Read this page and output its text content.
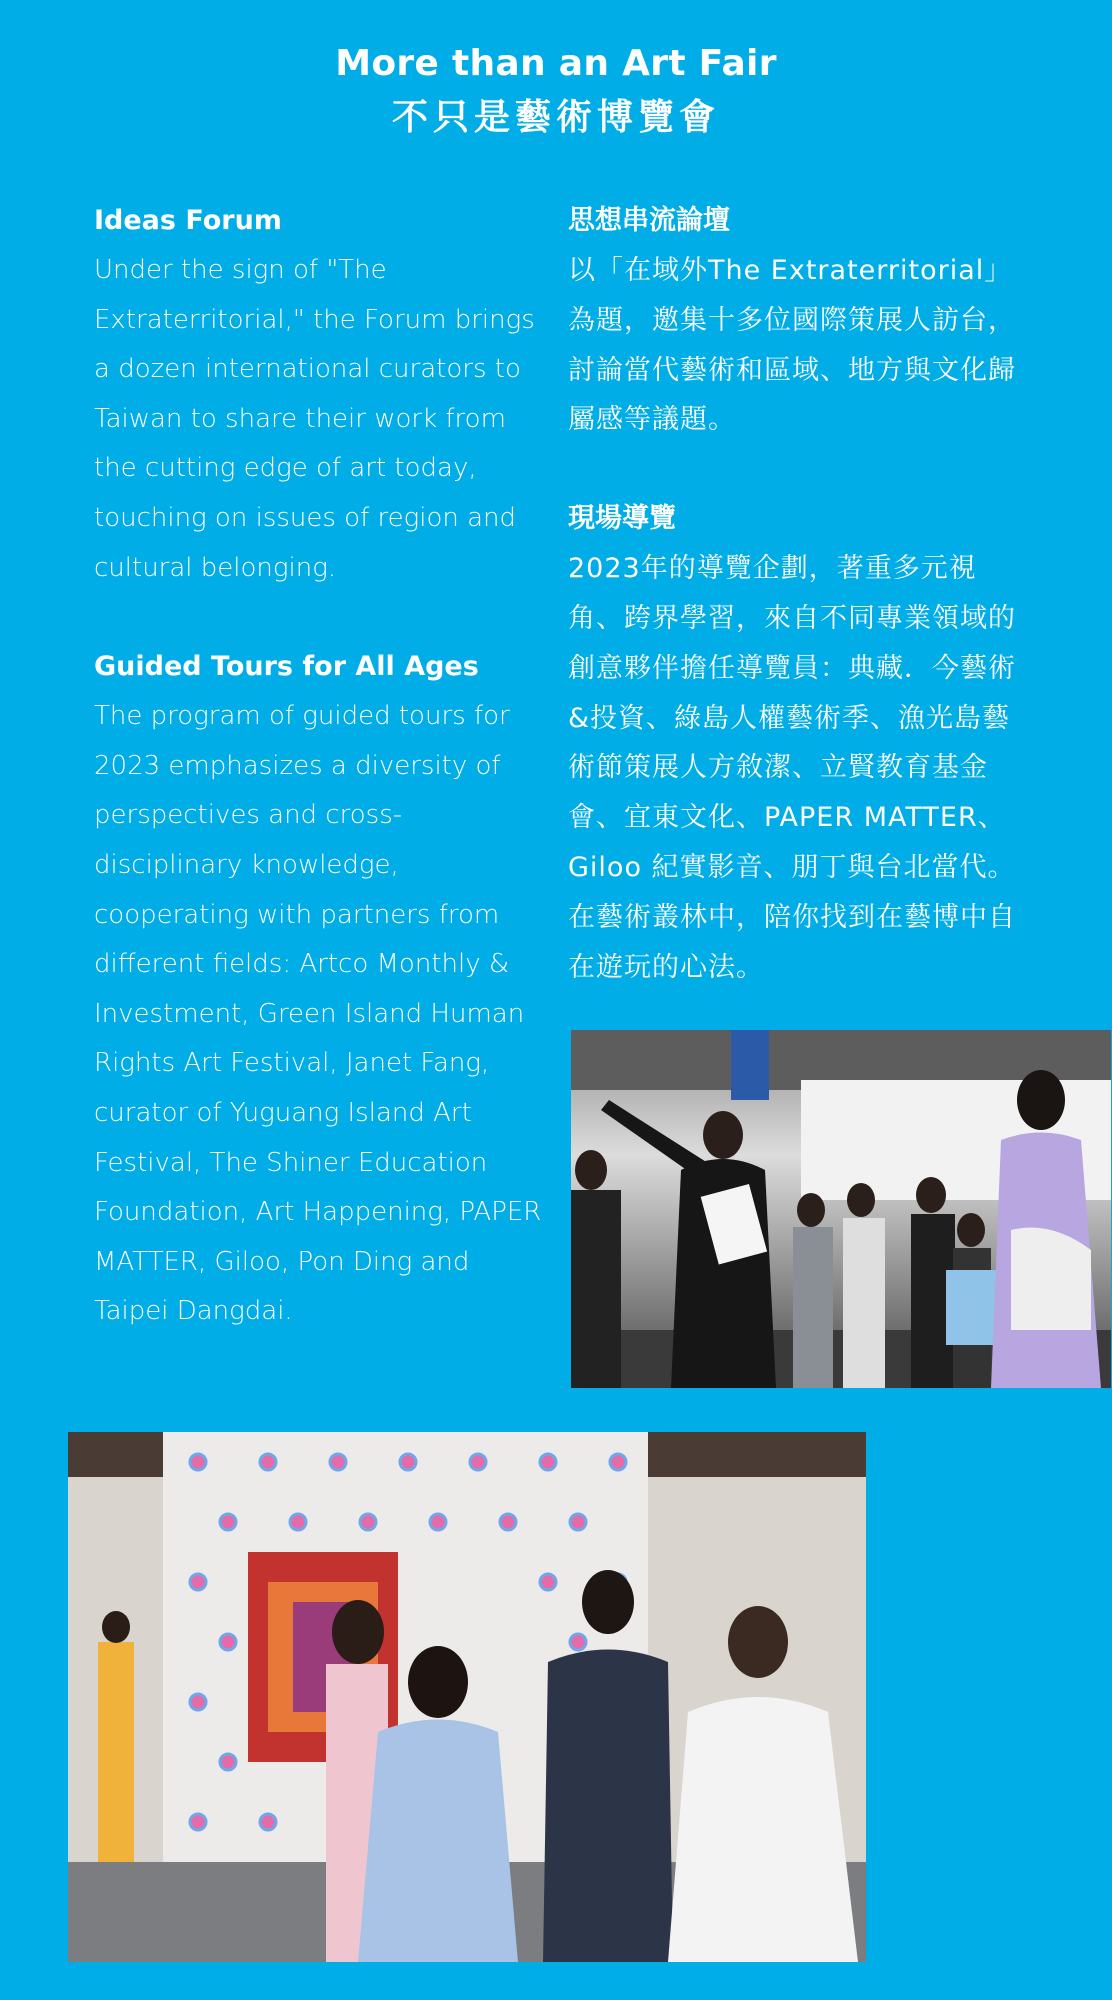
More than an Art Fair
不只是藝術博覽會
Ideas Forum
Under the sign of "The Extraterritorial," the Forum brings a dozen international curators to Taiwan to share their work from the cutting edge of art today, touching on issues of region and cultural belonging.
Guided Tours for All Ages
The program of guided tours for 2023 emphasizes a diversity of perspectives and cross-disciplinary knowledge, cooperating with partners from different fields: Artco Monthly & Investment, Green Island Human Rights Art Festival, Janet Fang, curator of Yuguang Island Art Festival, The Shiner Education Foundation, Art Happening, PAPER MATTER, Giloo, Pon Ding and Taipei Dangdai.
思想串流論壇
以「在域外The Extraterritorial」為題，邀集十多位國際策展人訪台，討論當代藝術和區域、地方與文化歸屬感等議題。
現場導覽
2023年的導覽企劃，著重多元視角、跨界學習，來自不同專業領域的創意夥伴擔任導覽員：典藏．今藝術&投資、綠島人權藝術季、漁光島藝術節策展人方敘潔、立賢教育基金會、宜東文化、PAPER MATTER、Giloo 紀實影音、朋丁與台北當代。在藝術叢林中，陪你找到在藝博中自在遊玩的心法。
